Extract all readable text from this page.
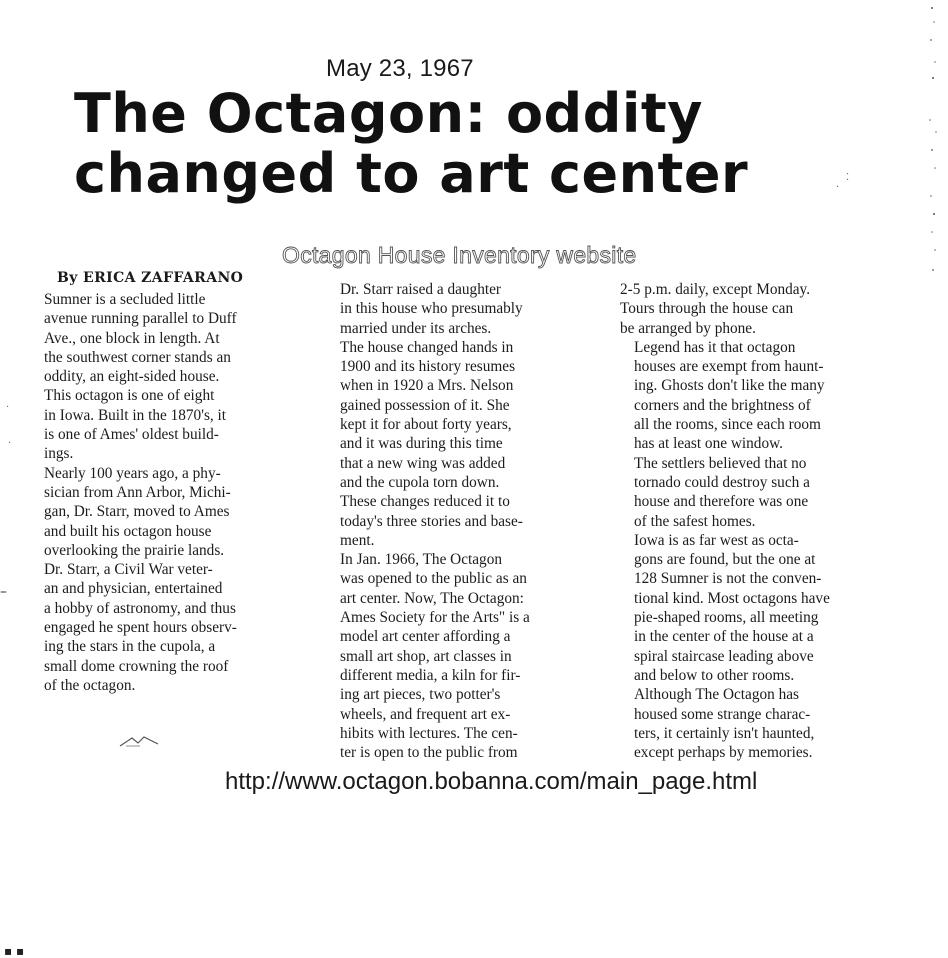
May 23, 1967
The Octagon: oddity
changed to art center
Octagon House Inventory website
By ERICA ZAFFARANO

Sumner is a secluded little
avenue running parallel to Duff
Ave., one block in length. At
the southwest corner stands an
oddity, an eight-sided house.

This octagon is one of eight
in Iowa. Built in the 1870's, it
is one of Ames' oldest build-
ings.

Nearly 100 years ago, a phy-
sician from Ann Arbor, Michi-
gan, Dr. Starr, moved to Ames
and built his octagon house
overlooking the prairie lands.

Dr. Starr, a Civil War veter-
an and physician, entertained
a hobby of astronomy, and thus
engaged he spent hours observ-
ing the stars in the cupola, a
small dome crowning the roof
of the octagon.

Dr. Starr raised a daughter
in this house who presumably
married under its arches.

The house changed hands in
1900 and its history resumes
when in 1920 a Mrs. Nelson
gained possession of it. She
kept it for about forty years,
and it was during this time
that a new wing was added
and the cupola torn down.
These changes reduced it to
today's three stories and base-
ment.

In Jan. 1966, The Octagon
was opened to the public as an
art center. Now, The Octagon:
Ames Society for the Arts" is a
model art center affording a
small art shop, art classes in
different media, a kiln for fir-
ing art pieces, two potter's
wheels, and frequent art ex-
hibits with lectures. The cen-
ter is open to the public from

2-5 p.m. daily, except Monday.
Tours through the house can
be arranged by phone.

Legend has it that octagon
houses are exempt from haunt-
ing. Ghosts don't like the many
corners and the brightness of
all the rooms, since each room
has at least one window.

The settlers believed that no
tornado could destroy such a
house and therefore was one
of the safest homes.

Iowa is as far west as octa-
gons are found, but the one at
128 Sumner is not the conven-
tional kind. Most octagons have
pie-shaped rooms, all meeting
in the center of the house at a
spiral staircase leading above
and below to other rooms.

Although The Octagon has
housed some strange charac-
ters, it certainly isn't haunted,
except perhaps by memories.

http://www.octagon.bobanna.com/main_page.html
·
·
–
⁚
·
▪ ▪
